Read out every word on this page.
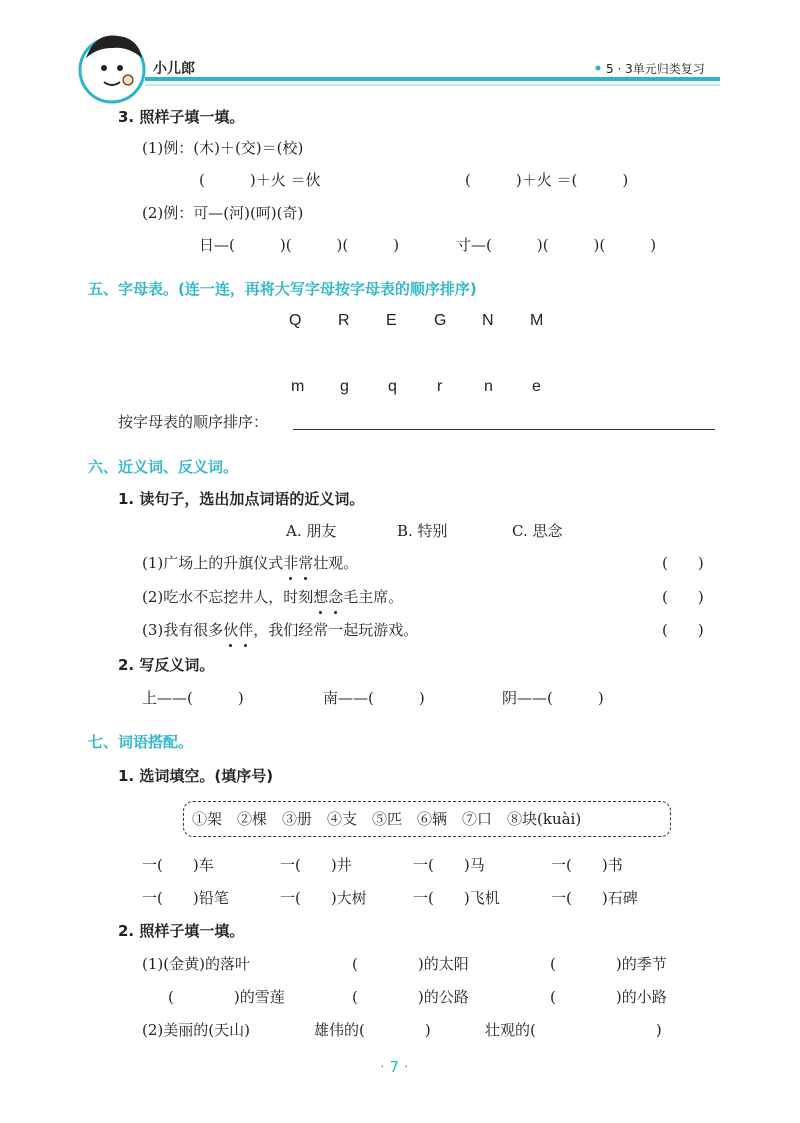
小儿郎	5 · 3单元归类复习
3. 照样子填一填。
(1)例：(木)＋(交)＝(校)
(　　　)＋火 ＝伙	(　　　)＋火 ＝(　　　)
(2)例：可—(河)(呵)(奇)
日—(　　　)(　　　)(　　　)	寸—(　　　)(　　　)(　　　)
五、字母表。(连一连，再将大写字母按字母表的顺序排序)
Q R E G N M
m g q	r	n e
按字母表的顺序排序：
六、近义词、反义词。
1. 读句子，选出加点词语的近义词。
A. 朋友	B. 特别	C. 思念
(1)广场上的升旗仪式非常壮观。	(　　)
(2)吃水不忘挖井人，时刻想念毛主席。	(　　)
(3)我有很多伙伴，我们经常一起玩游戏。	(　　)
2. 写反义词。
上——(　　　)	南——(　　　)	阴——(　　　)
七、词语搭配。
1. 选词填空。(填序号)
①架　②棵　③册　④支　⑤匹　⑥辆　⑦口　⑧块(kuài)
一(　　)车	一(　　)井	一(　　)马	一(　　)书
一(　　)铅笔	一(　　)大树	一(　　)飞机	一(　　)石碑
2. 照样子填一填。
(1)(金黄)的落叶	(　　　　)的太阳	(　　　　)的季节
(　　　　)的雪莲	(　　　　)的公路	(　　　　)的小路
(2)美丽的(天山)	雄伟的(　　　　)	壮观的(　　　　　　　　)
· 7 ·
